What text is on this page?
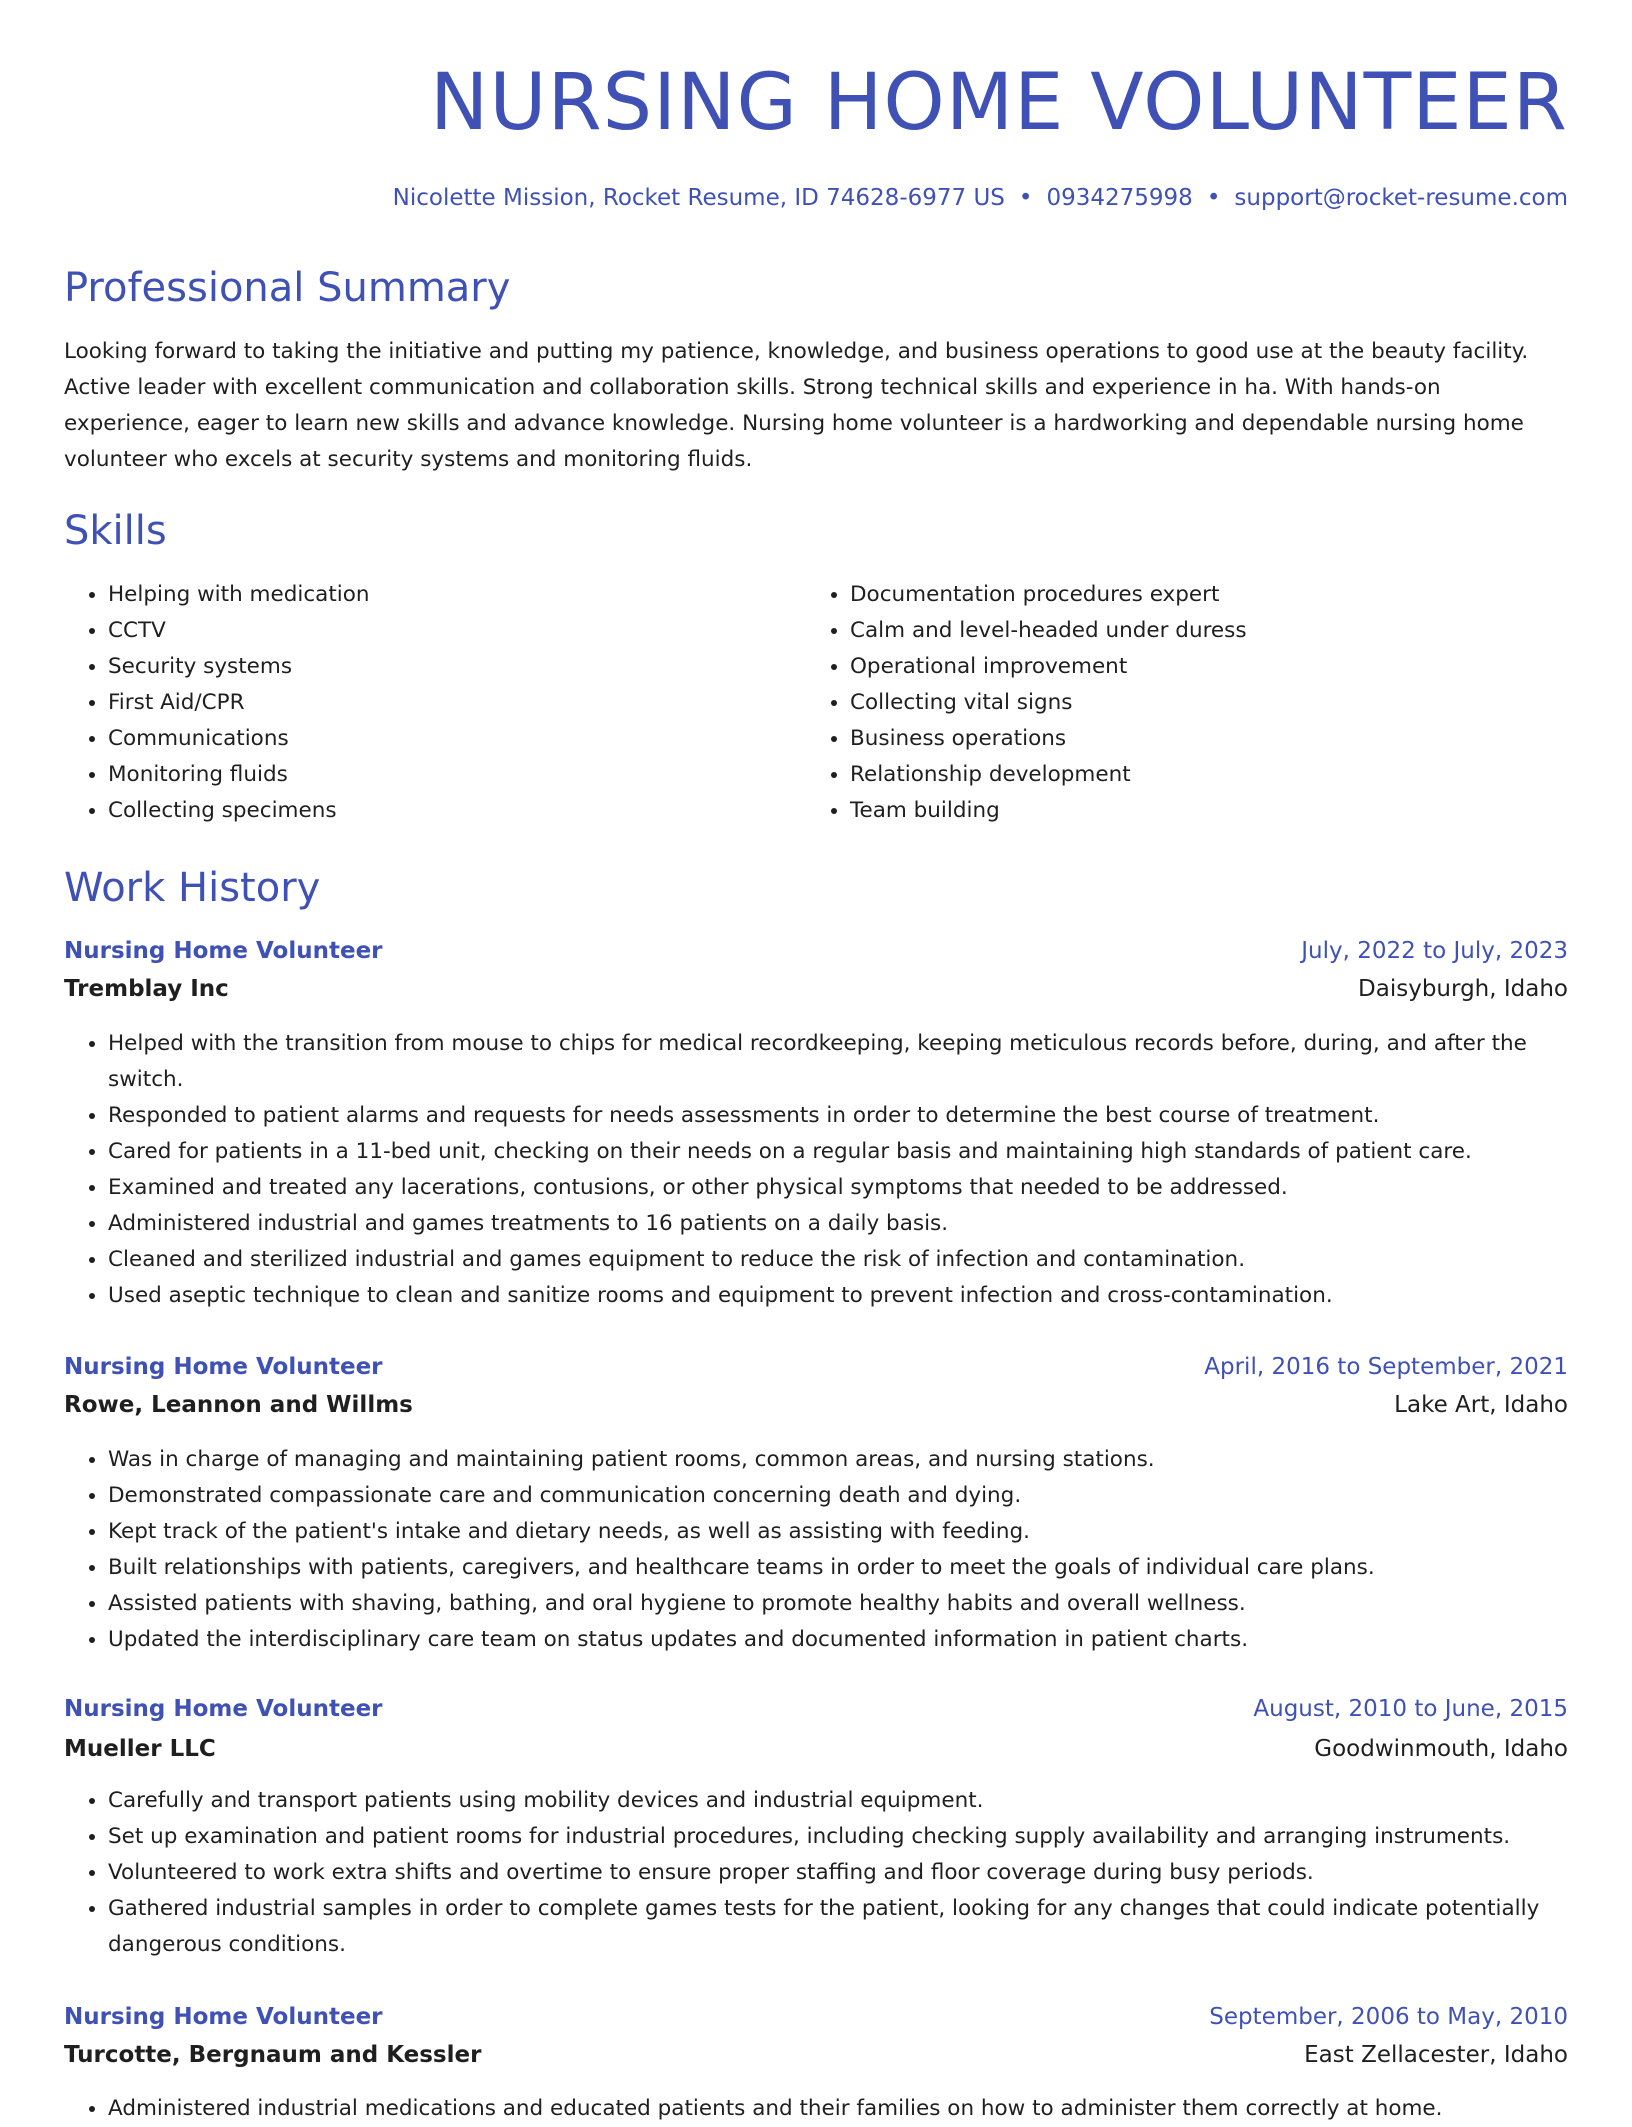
NURSING HOME VOLUNTEER
Nicolette Mission, Rocket Resume, ID 74628-6977 US • 0934275998 • support@rocket-resume.com
Professional Summary

Looking forward to taking the initiative and putting my patience, knowledge, and business operations to good use at the beauty facility. Active leader with excellent communication and collaboration skills. Strong technical skills and experience in ha. With hands-on experience, eager to learn new skills and advance knowledge. Nursing home volunteer is a hardworking and dependable nursing home volunteer who excels at security systems and monitoring fluids.

Skills
• Helping with medication
• CCTV
• Security systems
• First Aid/CPR
• Communications
• Monitoring fluids
• Collecting specimens
• Documentation procedures expert
• Calm and level-headed under duress
• Operational improvement
• Collecting vital signs
• Business operations
• Relationship development
• Team building
Work History
Nursing Home Volunteer	July, 2022 to July, 2023
Tremblay Inc	Daisyburgh, Idaho
• Helped with the transition from mouse to chips for medical recordkeeping, keeping meticulous records before, during, and after the switch.
• Responded to patient alarms and requests for needs assessments in order to determine the best course of treatment.
• Cared for patients in a 11-bed unit, checking on their needs on a regular basis and maintaining high standards of patient care.
• Examined and treated any lacerations, contusions, or other physical symptoms that needed to be addressed.
• Administered industrial and games treatments to 16 patients on a daily basis.
• Cleaned and sterilized industrial and games equipment to reduce the risk of infection and contamination.
• Used aseptic technique to clean and sanitize rooms and equipment to prevent infection and cross-contamination.
Nursing Home Volunteer	April, 2016 to September, 2021
Rowe, Leannon and Willms	Lake Art, Idaho
• Was in charge of managing and maintaining patient rooms, common areas, and nursing stations.
• Demonstrated compassionate care and communication concerning death and dying.
• Kept track of the patient's intake and dietary needs, as well as assisting with feeding.
• Built relationships with patients, caregivers, and healthcare teams in order to meet the goals of individual care plans.
• Assisted patients with shaving, bathing, and oral hygiene to promote healthy habits and overall wellness.
• Updated the interdisciplinary care team on status updates and documented information in patient charts.
Nursing Home Volunteer	August, 2010 to June, 2015
Mueller LLC	Goodwinmouth, Idaho
• Carefully and transport patients using mobility devices and industrial equipment.
• Set up examination and patient rooms for industrial procedures, including checking supply availability and arranging instruments.
• Volunteered to work extra shifts and overtime to ensure proper staffing and floor coverage during busy periods.
• Gathered industrial samples in order to complete games tests for the patient, looking for any changes that could indicate potentially dangerous conditions.
Nursing Home Volunteer	September, 2006 to May, 2010
Turcotte, Bergnaum and Kessler	East Zellacester, Idaho
• Administered industrial medications and educated patients and their families on how to administer them correctly at home.
